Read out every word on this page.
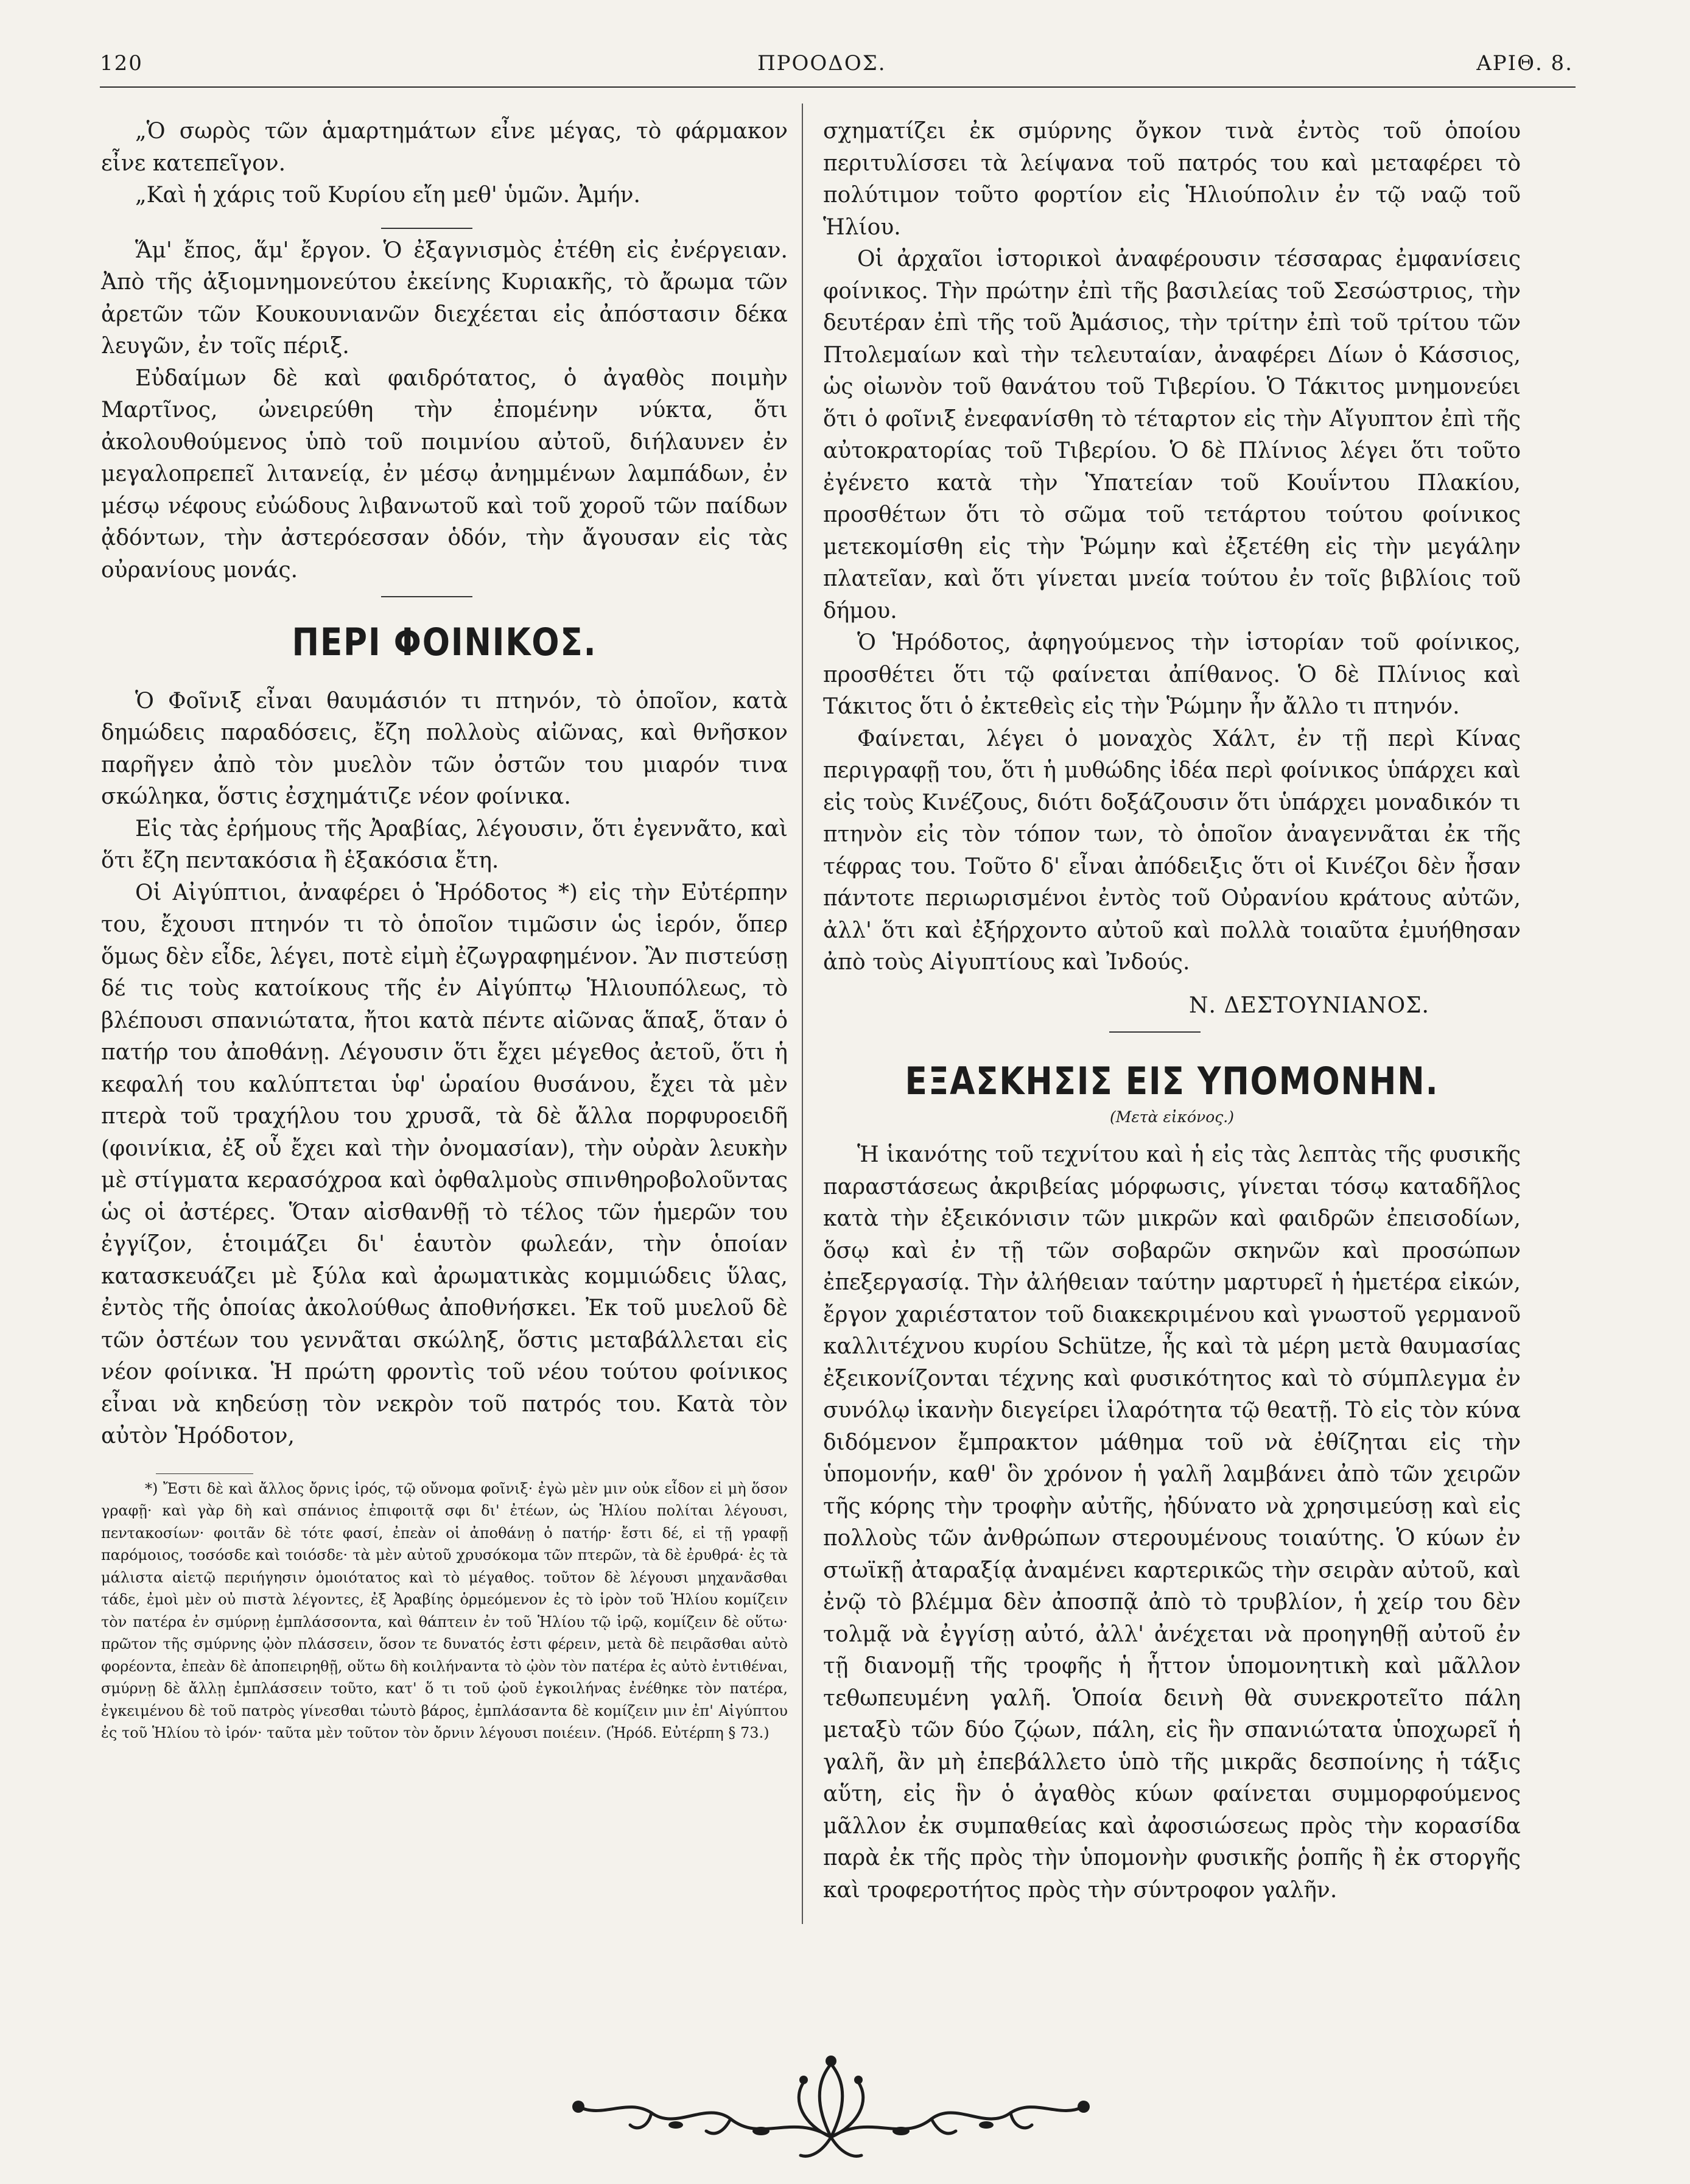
120	ΠΡΟΟΔΟΣ.	ΑΡΙΘ. 8.

„Ὁ σωρὸς τῶν ἁμαρτημάτων εἶνε μέγας, τὸ φάρμακον εἶνε κατεπεῖγον.

„Καὶ ἡ χάρις τοῦ Κυρίου εἴη μεθ' ὑμῶν. Ἀμήν.

Ἅμ' ἔπος, ἅμ' ἔργον. Ὁ ἐξαγνισμὸς ἐτέθη εἰς ἐνέργειαν. Ἀπὸ τῆς ἀξιομνημονεύτου ἐκείνης Κυριακῆς, τὸ ἄρωμα τῶν ἀρετῶν τῶν Κουκουνιανῶν διεχέεται εἰς ἀπόστασιν δέκα λευγῶν, ἐν τοῖς πέριξ.

Εὐδαίμων δὲ καὶ φαιδρότατος, ὁ ἀγαθὸς ποιμὴν Μαρτῖνος, ὠνειρεύθη τὴν ἐπομένην νύκτα, ὅτι ἀκολουθούμενος ὑπὸ τοῦ ποιμνίου αὐτοῦ, διήλαυνεν ἐν μεγαλοπρεπεῖ λιτανείᾳ, ἐν μέσῳ ἀνημμένων λαμπάδων, ἐν μέσῳ νέφους εὐώδους λιβανωτοῦ καὶ τοῦ χοροῦ τῶν παίδων ᾀδόντων, τὴν ἀστερόεσσαν ὁδόν, τὴν ἄγουσαν εἰς τὰς οὐρανίους μονάς.

ΠΕΡΙ ΦΟΙΝΙΚΟΣ.

Ὁ Φοῖνιξ εἶναι θαυμάσιόν τι πτηνόν, τὸ ὁποῖον, κατὰ δημώδεις παραδόσεις, ἔζη πολλοὺς αἰῶνας, καὶ θνῆσκον παρῆγεν ἀπὸ τὸν μυελὸν τῶν ὀστῶν του μιαρόν τινα σκώληκα, ὅστις ἐσχημάτιζε νέον φοίνικα.

Εἰς τὰς ἐρήμους τῆς Ἀραβίας, λέγουσιν, ὅτι ἐγεννᾶτο, καὶ ὅτι ἔζη πεντακόσια ἢ ἑξακόσια ἔτη.

Οἱ Αἰγύπτιοι, ἀναφέρει ὁ Ἡρόδοτος *) εἰς τὴν Εὐτέρπην του, ἔχουσι πτηνόν τι τὸ ὁποῖον τιμῶσιν ὡς ἱερόν, ὅπερ ὅμως δὲν εἶδε, λέγει, ποτὲ εἰμὴ ἐζωγραφημένον. Ἂν πιστεύσῃ δέ τις τοὺς κατοίκους τῆς ἐν Αἰγύπτῳ Ἡλιουπόλεως, τὸ βλέπουσι σπανιώτατα, ἤτοι κατὰ πέντε αἰῶνας ἅπαξ, ὅταν ὁ πατήρ του ἀποθάνῃ. Λέγουσιν ὅτι ἔχει μέγεθος ἀετοῦ, ὅτι ἡ κεφαλή του καλύπτεται ὑφ' ὡραίου θυσάνου, ἔχει τὰ μὲν πτερὰ τοῦ τραχήλου του χρυσᾶ, τὰ δὲ ἄλλα πορφυροειδῆ (φοινίκια, ἐξ οὗ ἔχει καὶ τὴν ὀνομασίαν), τὴν οὐρὰν λευκὴν μὲ στίγματα κερασόχροα καὶ ὀφθαλμοὺς σπινθηροβολοῦντας ὡς οἱ ἀστέρες. Ὅταν αἰσθανθῇ τὸ τέλος τῶν ἡμερῶν του ἐγγίζον, ἑτοιμάζει δι' ἑαυτὸν φωλεάν, τὴν ὁποίαν κατασκευάζει μὲ ξύλα καὶ ἀρωματικὰς κομμιώδεις ὕλας, ἐντὸς τῆς ὁποίας ἀκολούθως ἀποθνήσκει. Ἐκ τοῦ μυελοῦ δὲ τῶν ὀστέων του γεννᾶται σκώληξ, ὅστις μεταβάλλεται εἰς νέον φοίνικα. Ἡ πρώτη φροντὶς τοῦ νέου τούτου φοίνικος εἶναι νὰ κηδεύσῃ τὸν νεκρὸν τοῦ πατρός του. Κατὰ τὸν αὐτὸν Ἡρόδοτον,

*) Ἔστι δὲ καὶ ἄλλος ὄρνις ἱρός, τῷ οὔνομα φοῖνιξ· ἐγὼ μὲν μιν οὐκ εἶδον εἰ μὴ ὅσον γραφῇ· καὶ γὰρ δὴ καὶ σπάνιος ἐπιφοιτᾷ σφι δι' ἐτέων, ὡς Ἡλίου πολίται λέγουσι, πεντακοσίων· φοιτᾶν δὲ τότε φασί, ἐπεὰν οἱ ἀποθάνῃ ὁ πατήρ· ἔστι δέ, εἰ τῇ γραφῇ παρόμοιος, τοσόσδε καὶ τοιόσδε· τὰ μὲν αὐτοῦ χρυσόκομα τῶν πτερῶν, τὰ δὲ ἐρυθρά· ἐς τὰ μάλιστα αἰετῷ περιήγησιν ὁμοιότατος καὶ τὸ μέγαθος. τοῦτον δὲ λέγουσι μηχανᾶσθαι τάδε, ἐμοὶ μὲν οὐ πιστὰ λέγοντες, ἐξ Ἀραβίης ὁρμεόμενον ἐς τὸ ἱρὸν τοῦ Ἡλίου κομίζειν τὸν πατέρα ἐν σμύρνῃ ἐμπλάσσοντα, καὶ θάπτειν ἐν τοῦ Ἡλίου τῷ ἱρῷ, κομίζειν δὲ οὕτω· πρῶτον τῆς σμύρνης ᾠὸν πλάσσειν, ὅσον τε δυνατός ἐστι φέρειν, μετὰ δὲ πειρᾶσθαι αὐτὸ φορέοντα, ἐπεὰν δὲ ἀποπειρηθῇ, οὕτω δὴ κοιλήναντα τὸ ᾠὸν τὸν πατέρα ἐς αὐτὸ ἐντιθέναι, σμύρνῃ δὲ ἄλλῃ ἐμπλάσσειν τοῦτο, κατ' ὅ τι τοῦ ᾠοῦ ἐγκοιλήνας ἐνέθηκε τὸν πατέρα, ἐγκειμένου δὲ τοῦ πατρὸς γίνεσθαι τὠυτὸ βάρος, ἐμπλάσαντα δὲ κομίζειν μιν ἐπ' Αἰγύπτου ἐς τοῦ Ἡλίου τὸ ἱρόν· ταῦτα μὲν τοῦτον τὸν ὄρνιν λέγουσι ποιέειν. (Ἡρόδ. Εὐτέρπη § 73.)

σχηματίζει ἐκ σμύρνης ὄγκον τινὰ ἐντὸς τοῦ ὁποίου περιτυλίσσει τὰ λείψανα τοῦ πατρός του καὶ μεταφέρει τὸ πολύτιμον τοῦτο φορτίον εἰς Ἡλιούπολιν ἐν τῷ ναῷ τοῦ Ἡλίου.

Οἱ ἀρχαῖοι ἱστορικοὶ ἀναφέρουσιν τέσσαρας ἐμφανίσεις φοίνικος. Τὴν πρώτην ἐπὶ τῆς βασιλείας τοῦ Σεσώστριος, τὴν δευτέραν ἐπὶ τῆς τοῦ Ἀμάσιος, τὴν τρίτην ἐπὶ τοῦ τρίτου τῶν Πτολεμαίων καὶ τὴν τελευταίαν, ἀναφέρει Δίων ὁ Κάσσιος, ὡς οἰωνὸν τοῦ θανάτου τοῦ Τιβερίου. Ὁ Τάκιτος μνημονεύει ὅτι ὁ φοῖνιξ ἐνεφανίσθη τὸ τέταρτον εἰς τὴν Αἴγυπτον ἐπὶ τῆς αὐτοκρατορίας τοῦ Τιβερίου. Ὁ δὲ Πλίνιος λέγει ὅτι τοῦτο ἐγένετο κατὰ τὴν Ὑπατείαν τοῦ Κουΐντου Πλακίου, προσθέτων ὅτι τὸ σῶμα τοῦ τετάρτου τούτου φοίνικος μετεκομίσθη εἰς τὴν Ῥώμην καὶ ἐξετέθη εἰς τὴν μεγάλην πλατεῖαν, καὶ ὅτι γίνεται μνεία τούτου ἐν τοῖς βιβλίοις τοῦ δήμου.

Ὁ Ἡρόδοτος, ἀφηγούμενος τὴν ἱστορίαν τοῦ φοίνικος, προσθέτει ὅτι τῷ φαίνεται ἀπίθανος. Ὁ δὲ Πλίνιος καὶ Τάκιτος ὅτι ὁ ἐκτεθεὶς εἰς τὴν Ῥώμην ἦν ἄλλο τι πτηνόν.

Φαίνεται, λέγει ὁ μοναχὸς Χάλτ, ἐν τῇ περὶ Κίνας περιγραφῇ του, ὅτι ἡ μυθώδης ἰδέα περὶ φοίνικος ὑπάρχει καὶ εἰς τοὺς Κινέζους, διότι δοξάζουσιν ὅτι ὑπάρχει μοναδικόν τι πτηνὸν εἰς τὸν τόπον των, τὸ ὁποῖον ἀναγεννᾶται ἐκ τῆς τέφρας του. Τοῦτο δ' εἶναι ἀπόδειξις ὅτι οἱ Κινέζοι δὲν ἦσαν πάντοτε περιωρισμένοι ἐντὸς τοῦ Οὐρανίου κράτους αὐτῶν, ἀλλ' ὅτι καὶ ἐξήρχοντο αὐτοῦ καὶ πολλὰ τοιαῦτα ἐμυήθησαν ἀπὸ τοὺς Αἰγυπτίους καὶ Ἰνδούς.

Ν. ΔΕΣΤΟΥΝΙΑΝΟΣ.

ΕΞΑΣΚΗΣΙΣ ΕΙΣ ΥΠΟΜΟΝΗΝ.

(Μετὰ εἰκόνος.)

Ἡ ἱκανότης τοῦ τεχνίτου καὶ ἡ εἰς τὰς λεπτὰς τῆς φυσικῆς παραστάσεως ἀκριβείας μόρφωσις, γίνεται τόσῳ καταδῆλος κατὰ τὴν ἐξεικόνισιν τῶν μικρῶν καὶ φαιδρῶν ἐπεισοδίων, ὅσῳ καὶ ἐν τῇ τῶν σοβαρῶν σκηνῶν καὶ προσώπων ἐπεξεργασίᾳ. Τὴν ἀλήθειαν ταύτην μαρτυρεῖ ἡ ἡμετέρα εἰκών, ἔργον χαριέστατον τοῦ διακεκριμένου καὶ γνωστοῦ γερμανοῦ καλλιτέχνου κυρίου Schütze, ἧς καὶ τὰ μέρη μετὰ θαυμασίας ἐξεικονίζονται τέχνης καὶ φυσικότητος καὶ τὸ σύμπλεγμα ἐν συνόλῳ ἱκανὴν διεγείρει ἱλαρότητα τῷ θεατῇ. Τὸ εἰς τὸν κύνα διδόμενον ἔμπρακτον μάθημα τοῦ νὰ ἐθίζηται εἰς τὴν ὑπομονήν, καθ' ὃν χρόνον ἡ γαλῆ λαμβάνει ἀπὸ τῶν χειρῶν τῆς κόρης τὴν τροφὴν αὐτῆς, ἠδύνατο νὰ χρησιμεύσῃ καὶ εἰς πολλοὺς τῶν ἀνθρώπων στερουμένους τοιαύτης. Ὁ κύων ἐν στωϊκῇ ἀταραξίᾳ ἀναμένει καρτερικῶς τὴν σειρὰν αὐτοῦ, καὶ ἐνῷ τὸ βλέμμα δὲν ἀποσπᾷ ἀπὸ τὸ τρυβλίον, ἡ χείρ του δὲν τολμᾷ νὰ ἐγγίσῃ αὐτό, ἀλλ' ἀνέχεται νὰ προηγηθῇ αὐτοῦ ἐν τῇ διανομῇ τῆς τροφῆς ἡ ἧττον ὑπομονητικὴ καὶ μᾶλλον τεθωπευμένη γαλῆ. Ὁποία δεινὴ θὰ συνεκροτεῖτο πάλη μεταξὺ τῶν δύο ζῴων, πάλη, εἰς ἣν σπανιώτατα ὑποχωρεῖ ἡ γαλῆ, ἂν μὴ ἐπεβάλλετο ὑπὸ τῆς μικρᾶς δεσποίνης ἡ τάξις αὕτη, εἰς ἣν ὁ ἀγαθὸς κύων φαίνεται συμμορφούμενος μᾶλλον ἐκ συμπαθείας καὶ ἀφοσιώσεως πρὸς τὴν κορασίδα παρὰ ἐκ τῆς πρὸς τὴν ὑπομονὴν φυσικῆς ῥοπῆς ἢ ἐκ στοργῆς καὶ τροφεροτήτος πρὸς τὴν σύντροφον γαλῆν.
